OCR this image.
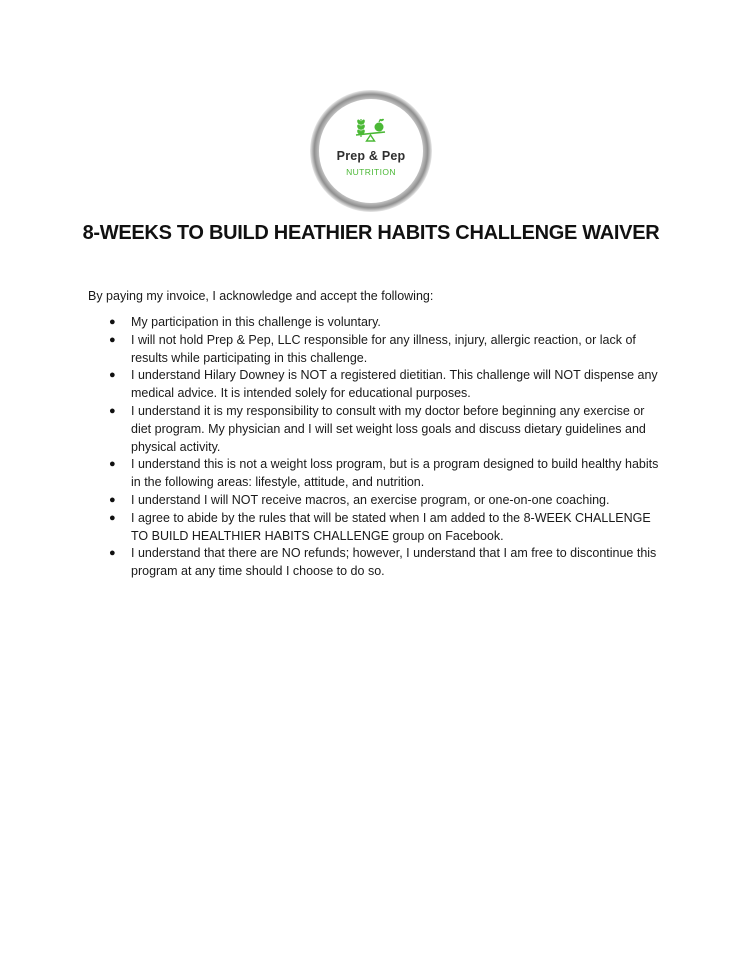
Prep & Pep
NUTRITION
8-WEEKS TO BUILD HEATHIER HABITS CHALLENGE WAIVER

By paying my invoice, I acknowledge and accept the following:

● My participation in this challenge is voluntary.
● I will not hold Prep & Pep, LLC responsible for any illness, injury, allergic reaction, or lack of results while participating in this challenge.
● I understand Hilary Downey is NOT a registered dietitian. This challenge will NOT dispense any medical advice. It is intended solely for educational purposes.
● I understand it is my responsibility to consult with my doctor before beginning any exercise or diet program. My physician and I will set weight loss goals and discuss dietary guidelines and physical activity.
● I understand this is not a weight loss program, but is a program designed to build healthy habits in the following areas: lifestyle, attitude, and nutrition.
● I understand I will NOT receive macros, an exercise program, or one-on-one coaching.
● I agree to abide by the rules that will be stated when I am added to the 8-WEEK CHALLENGE TO BUILD HEALTHIER HABITS CHALLENGE group on Facebook.
● I understand that there are NO refunds; however, I understand that I am free to discontinue this program at any time should I choose to do so.
